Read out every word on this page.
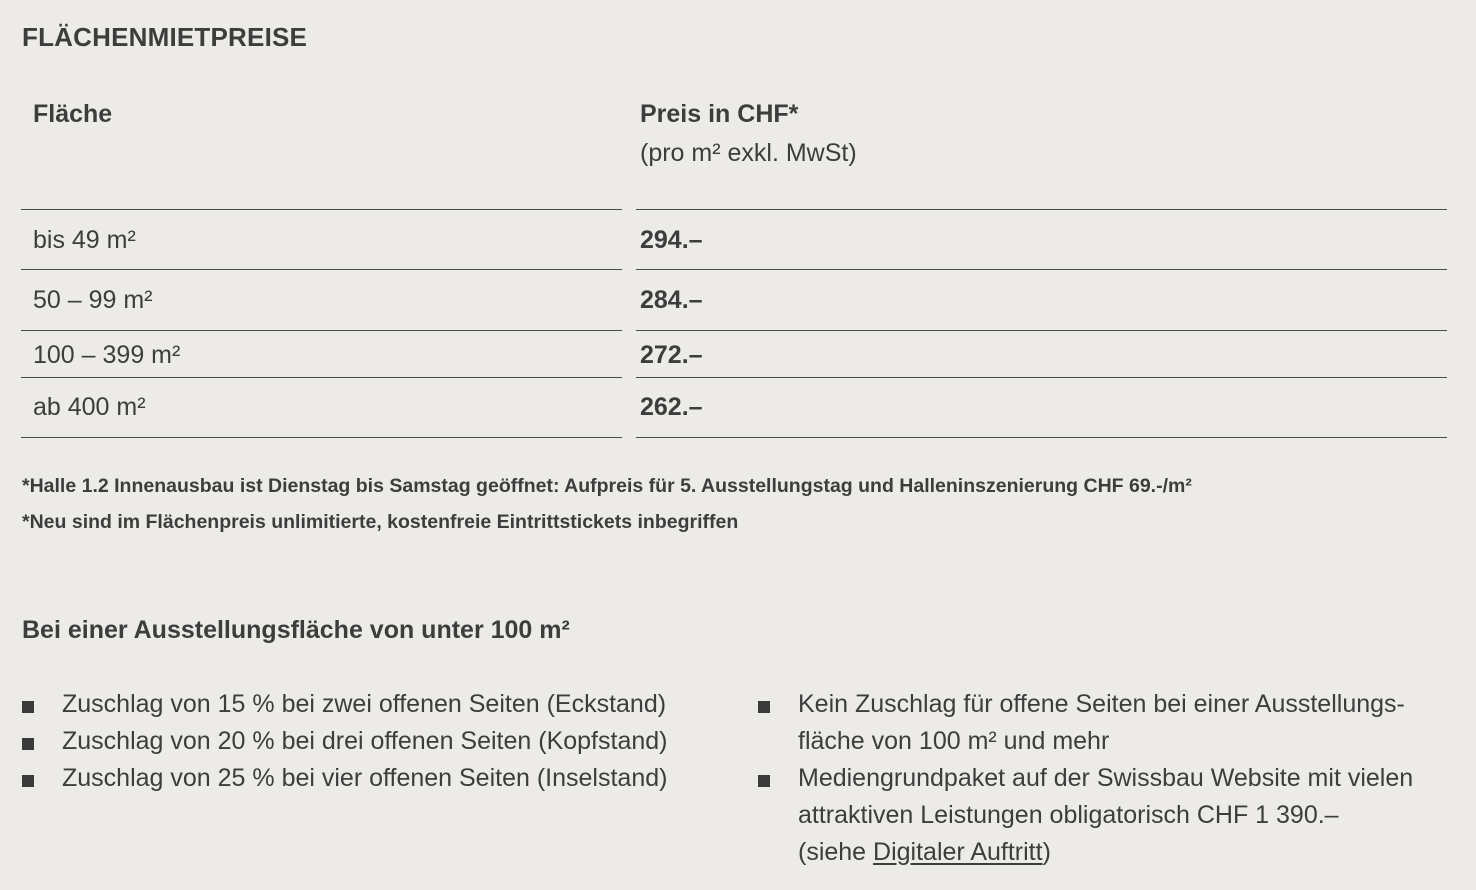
FLÄCHENMIETPREISE
Fläche	Preis in CHF*
(pro m² exkl. MwSt)
bis 49 m²	294.–
50 – 99 m²	284.–
100 – 399 m²	272.–
ab 400 m²	262.–
*Halle 1.2 Innenausbau ist Dienstag bis Samstag geöffnet: Aufpreis für 5. Ausstellungstag und Halleninszenierung CHF 69.-/m²
*Neu sind im Flächenpreis unlimitierte, kostenfreie Eintrittstickets inbegriffen
Bei einer Ausstellungsfläche von unter 100 m²
Zuschlag von 15 % bei zwei offenen Seiten (Eckstand)
Zuschlag von 20 % bei drei offenen Seiten (Kopfstand)
Zuschlag von 25 % bei vier offenen Seiten (Inselstand)
Kein Zuschlag für offene Seiten bei einer Ausstellungs-
fläche von 100 m² und mehr
Mediengrundpaket auf der Swissbau Website mit vielen
attraktiven Leistungen obligatorisch CHF 1 390.–
(siehe Digitaler Auftritt)
